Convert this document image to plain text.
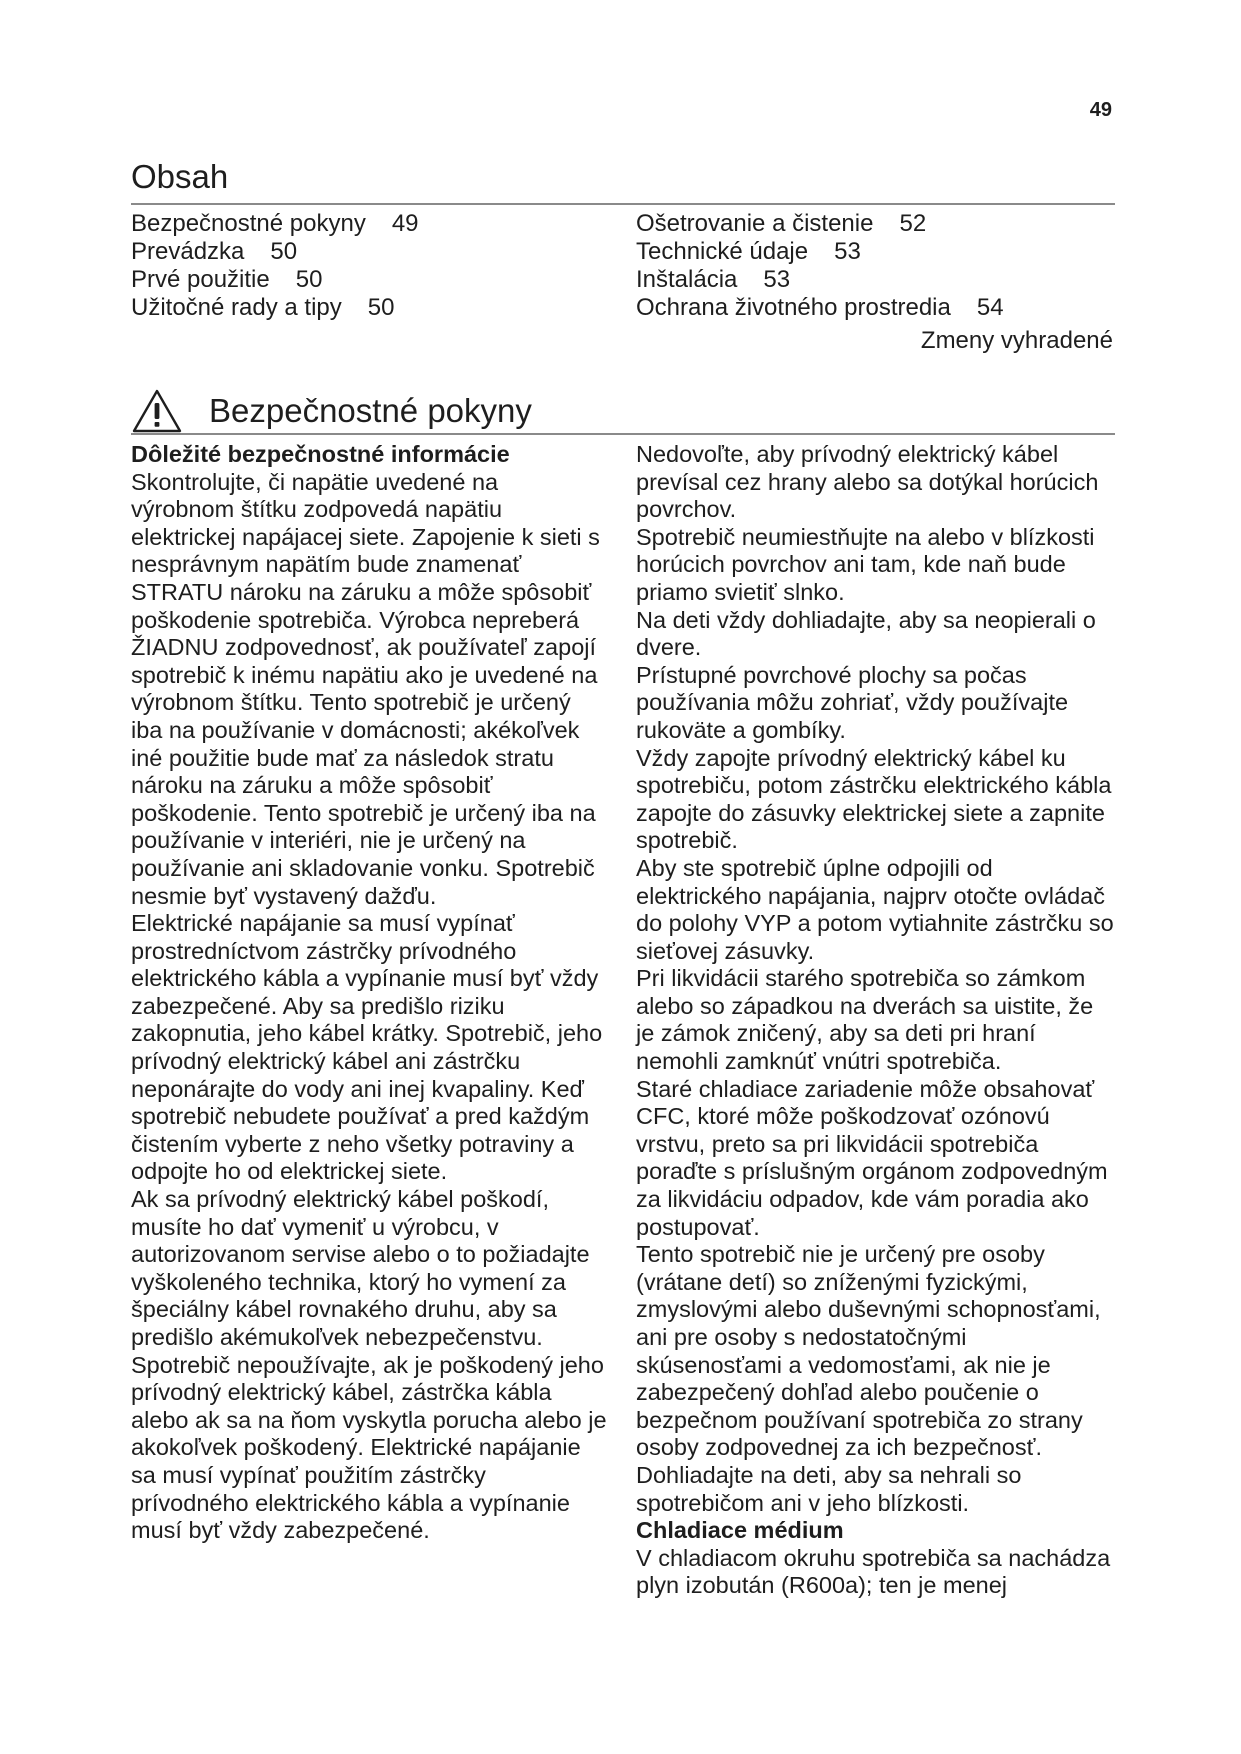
49
Obsah
Bezpečnostné pokyny 49
Prevádzka 50
Prvé použitie 50
Užitočné rady a tipy 50
Ošetrovanie a čistenie 52
Technické údaje 53
Inštalácia 53
Ochrana životného prostredia 54
Zmeny vyhradené
Bezpečnostné pokyny

Dôležité bezpečnostné informácie

Skontrolujte, či napätie uvedené na výrobnom štítku zodpovedá napätiu elektrickej napájacej siete. Zapojenie k sieti s nesprávnym napätím bude znamenať STRATU nároku na záruku a môže spôsobiť poškodenie spotrebiča. Výrobca nepreberá ŽIADNU zodpovednosť, ak používateľ zapojí spotrebič k inému napätiu ako je uvedené na výrobnom štítku. Tento spotrebič je určený iba na používanie v domácnosti; akékoľvek iné použitie bude mať za následok stratu nároku na záruku a môže spôsobiť poškodenie. Tento spotrebič je určený iba na používanie v interiéri, nie je určený na používanie ani skladovanie vonku. Spotrebič nesmie byť vystavený dažďu.

Elektrické napájanie sa musí vypínať prostredníctvom zástrčky prívodného elektrického kábla a vypínanie musí byť vždy zabezpečené. Aby sa predišlo riziku zakopnutia, jeho kábel krátky. Spotrebič, jeho prívodný elektrický kábel ani zástrčku neponárajte do vody ani inej kvapaliny. Keď spotrebič nebudete používať a pred každým čistením vyberte z neho všetky potraviny a odpojte ho od elektrickej siete.

Ak sa prívodný elektrický kábel poškodí, musíte ho dať vymeniť u výrobcu, v autorizovanom servise alebo o to požiadajte vyškoleného technika, ktorý ho vymení za špeciálny kábel rovnakého druhu, aby sa predišlo akémukoľvek nebezpečenstvu.

Spotrebič nepoužívajte, ak je poškodený jeho prívodný elektrický kábel, zástrčka kábla alebo ak sa na ňom vyskytla porucha alebo je akokoľvek poškodený. Elektrické napájanie sa musí vypínať použitím zástrčky prívodného elektrického kábla a vypínanie musí byť vždy zabezpečené.

Nedovoľte, aby prívodný elektrický kábel prevísal cez hrany alebo sa dotýkal horúcich povrchov.

Spotrebič neumiestňujte na alebo v blízkosti horúcich povrchov ani tam, kde naň bude priamo svietiť slnko.

Na deti vždy dohliadajte, aby sa neopierali o dvere.

Prístupné povrchové plochy sa počas používania môžu zohriať, vždy používajte rukoväte a gombíky.

Vždy zapojte prívodný elektrický kábel ku spotrebiču, potom zástrčku elektrického kábla zapojte do zásuvky elektrickej siete a zapnite spotrebič.

Aby ste spotrebič úplne odpojili od elektrického napájania, najprv otočte ovládač do polohy VYP a potom vytiahnite zástrčku so sieťovej zásuvky.

Pri likvidácii starého spotrebiča so zámkom alebo so západkou na dverách sa uistite, že je zámok zničený, aby sa deti pri hraní nemohli zamknúť vnútri spotrebiča.

Staré chladiace zariadenie môže obsahovať CFC, ktoré môže poškodzovať ozónovú vrstvu, preto sa pri likvidácii spotrebiča poraďte s príslušným orgánom zodpovedným za likvidáciu odpadov, kde vám poradia ako postupovať.

Tento spotrebič nie je určený pre osoby (vrátane detí) so zníženými fyzickými, zmyslovými alebo duševnými schopnosťami, ani pre osoby s nedostatočnými skúsenosťami a vedomosťami, ak nie je zabezpečený dohľad alebo poučenie o bezpečnom používaní spotrebiča zo strany osoby zodpovednej za ich bezpečnosť.

Dohliadajte na deti, aby sa nehrali so spotrebičom ani v jeho blízkosti.

Chladiace médium

V chladiacom okruhu spotrebiča sa nachádza plyn izobután (R600a); ten je menej
